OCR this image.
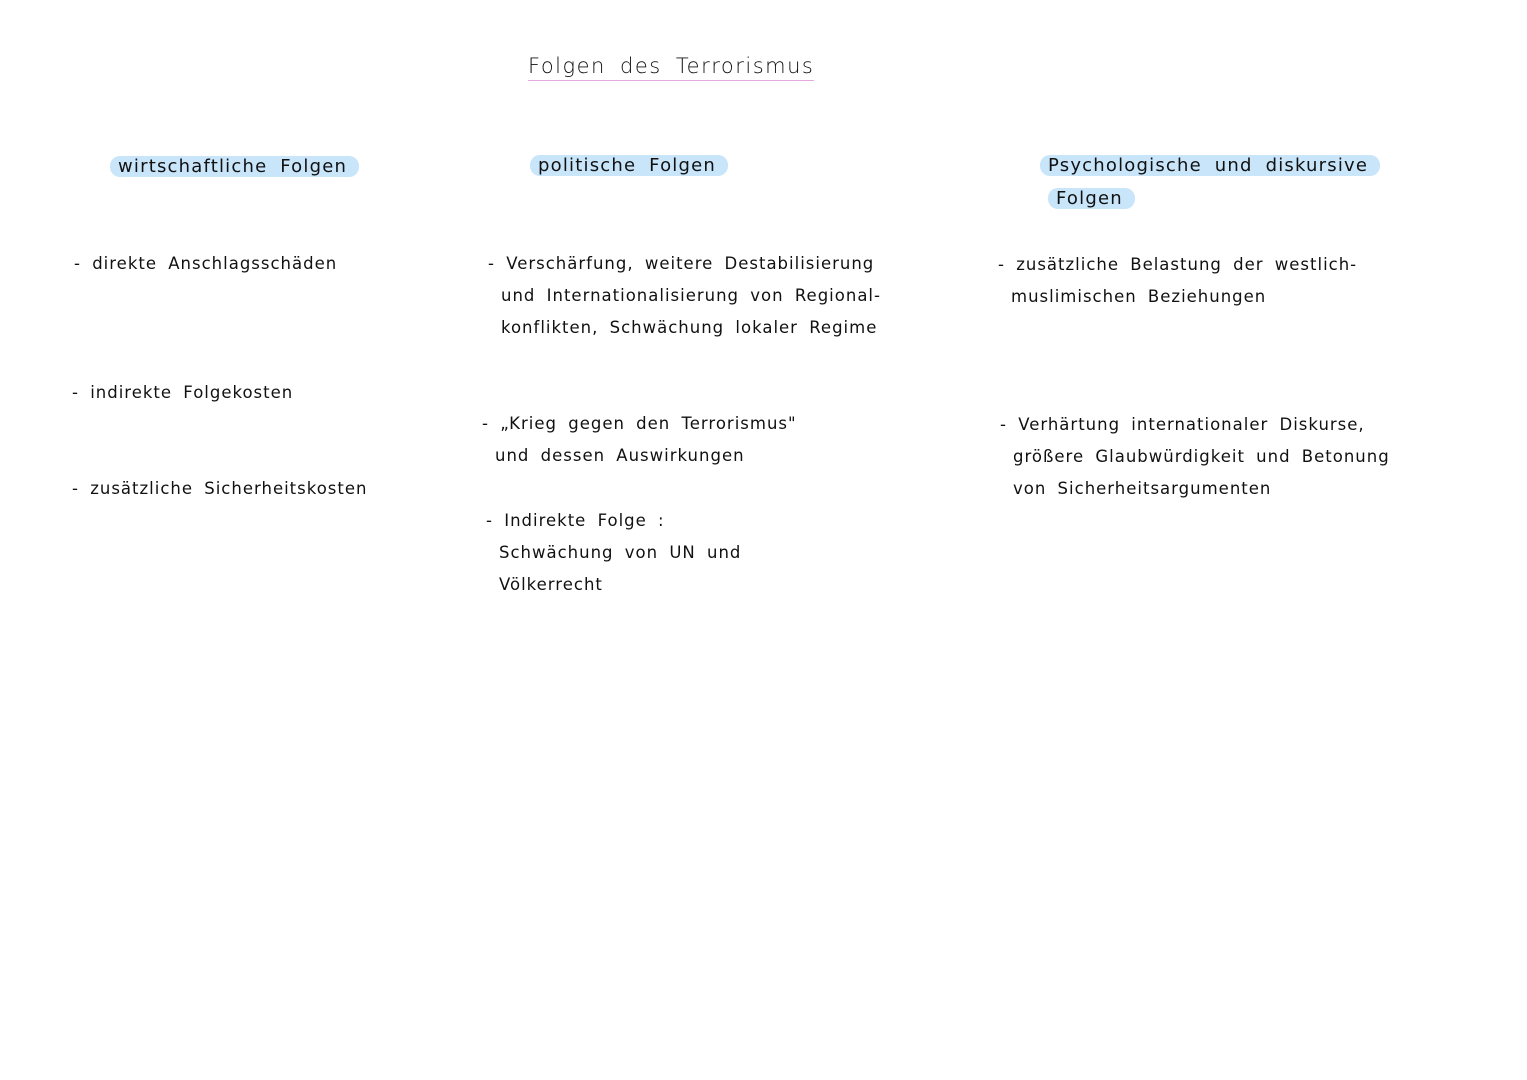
Folgen des Terrorismus
wirtschaftliche Folgen
- direkte Anschlagsschäden
- indirekte Folgekosten
- zusätzliche Sicherheitskosten
politische Folgen
- Verschärfung, weitere Destabilisierung
und Internationalisierung von Regional-
konflikten, Schwächung lokaler Regime
- „Krieg gegen den Terrorismus"
und dessen Auswirkungen
- Indirekte Folge :
Schwächung von UN und
Völkerrecht
Psychologische und diskursive
Folgen
- zusätzliche Belastung der westlich-
muslimischen Beziehungen
- Verhärtung internationaler Diskurse,
größere Glaubwürdigkeit und Betonung
von Sicherheitsargumenten
